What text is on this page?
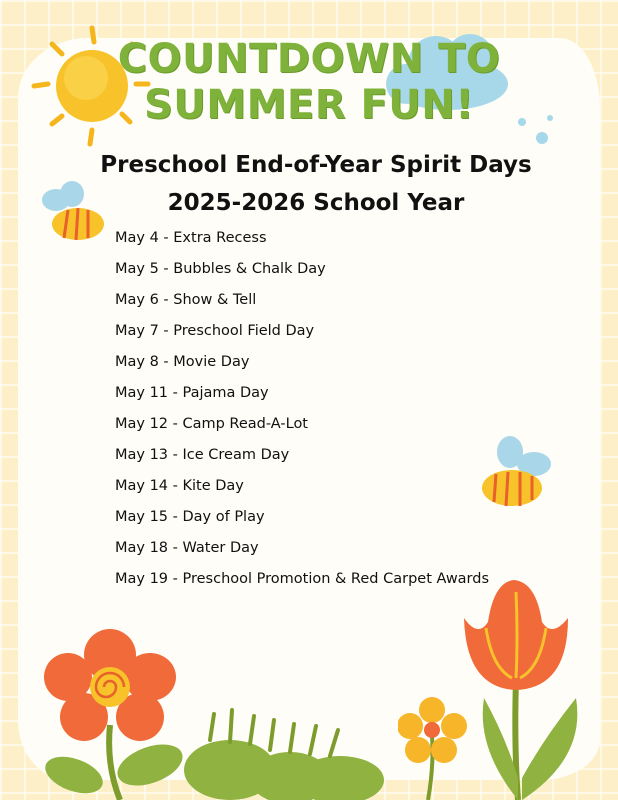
COUNTDOWN TO
SUMMER FUN!
Preschool End-of-Year Spirit Days
2025-2026 School Year
May 4 - Extra Recess
May 5 - Bubbles & Chalk Day
May 6 - Show & Tell
May 7 - Preschool Field Day
May 8 - Movie Day
May 11 - Pajama Day
May 12 - Camp Read-A-Lot
May 13 - Ice Cream Day
May 14 - Kite Day
May 15 - Day of Play
May 18 - Water Day
May 19 - Preschool Promotion & Red Carpet Awards
